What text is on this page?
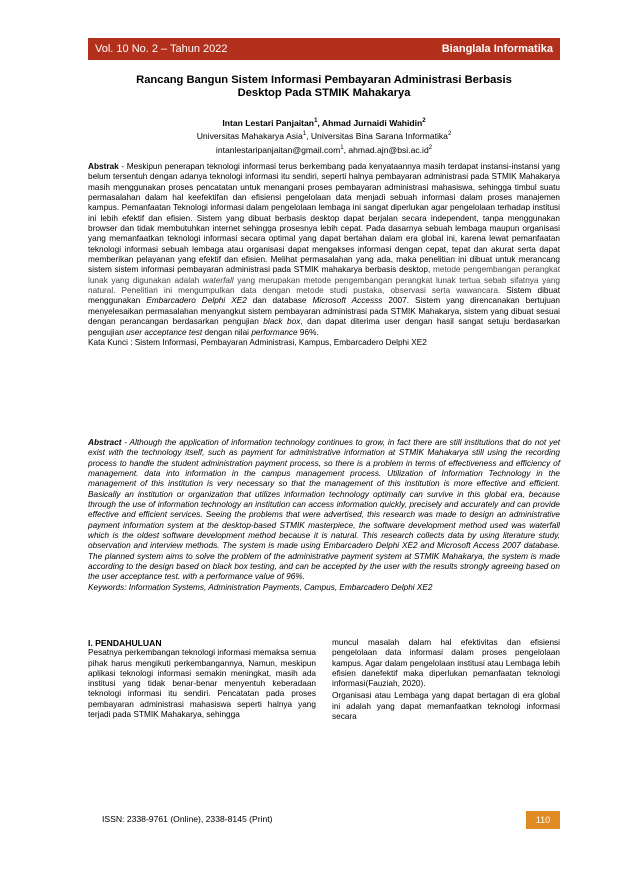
Vol. 10 No. 2 – Tahun 2022	Bianglala Informatika
Rancang Bangun Sistem Informasi Pembayaran Administrasi Berbasis
Desktop Pada STMIK Mahakarya
Intan Lestari Panjaitan$^1$, Ahmad Jurnaidi Wahidin$^2$
Universitas Mahakarya Asia$^1$, Universitas Bina Sarana Informatika$^2$
intanlestaripanjaitan@gmail.com$^1$, $ahmad.ajn@bsi.ac.id^2$

Abstrak - Meskipun penerapan teknologi informasi terus berkembang pada kenyataannya masih terdapat instansi-instansi yang belum tersentuh dengan adanya teknologi informasi itu sendiri, seperti halnya pembayaran administrasi pada STMIK Mahakarya masih menggunakan proses pencatatan untuk menangani proses pembayaran administrasi mahasiswa, sehingga timbul suatu permasalahan dalam hal keefektifan dan efisiensi pengelolaan data menjadi sebuah informasi dalam proses manajemen kampus. Pemanfaatan Teknologi informasi dalam pengelolaan lembaga ini sangat diperlukan agar pengelolaan terhadap institusi ini lebih efektif dan efisien. Sistem yang dibuat berbasis desktop dapat berjalan secara independent, tanpa menggunakan browser dan tidak membutuhkan internet sehingga prosesnya lebih cepat. Pada dasarnya sebuah lembaga maupun organisasi yang memanfaatkan teknologi informasi secara optimal yang dapat bertahan dalam era global ini, karena lewat pemanfaatan teknologi informasi sebuah lembaga atau organisasi dapat mengakses informasi dengan cepat, tepat dan akurat serta dapat memberikan pelayanan yang efektif dan efisien. Melihat permasalahan yang ada, maka penelitian ini dibuat untuk merancang sistem sistem informasi pembayaran administrasi pada STMIK mahakarya berbasis desktop, metode pengembangan perangkat lunak yang digunakan adalah waterfall yang merupakan metode pengembangan perangkat lunak tertua sebab sifatnya yang natural. Penelitian ini mengumpulkan data dengan metode studi pustaka, observasi serta wawancara. Sistem dibuat menggunakan Embarcadero Delphi XE2 dan database Microsoft Accesss 2007. Sistem yang direncanakan bertujuan menyelesaikan permasalahan menyangkut sistem pembayaran administrasi pada STMIK Mahakarya, sistem yang dibuat sesuai dengan perancangan berdasarkan pengujian black box, dan dapat diterima user dengan hasil sangat setuju berdasarkan pengujian user acceptance test dengan nilai performance 96%.

Kata Kunci : Sistem Informasi, Pembayaran Administrasi, Kampus, Embarcadero Delphi XE2

Abstract - Although the application of information technology continues to grow, in fact there are still institutions that do not yet exist with the technology itself, such as payment for administrative information at STMIK Mahakarya still using the recording process to handle the student administration payment process, so there is a problem in terms of effectiveness and efficiency of management. data into information in the campus management process. Utilization of Information Technology in the management of this institution is very necessary so that the management of this institution is more effective and efficient. Basically an institution or organization that utilizes information technology optimally can survive in this global era, because through the use of information technology an institution can access information quickly, precisely and accurately and can provide effective and efficient services. Seeing the problems that were advertised, this research was made to design an administrative payment information system at the desktop-based STMIK masterpiece, the software development method used was waterfall which is the oldest software development method because it is natural. This research collects data by using literature study, observation and interview methods. The system is made using Embarcadero Delphi XE2 and Microsoft Access 2007 database. The planned system aims to solve the problem of the administrative payment system at STMIK Mahakarya, the system is made according to the design based on black box testing, and can be accepted by the user with the results strongly agreeing based on the user acceptance test. with a performance value of 96%.

Keywords: Information Systems, Administration Payments, Campus, Embarcadero Delphi XE2

I. PENDAHULUAN

Pesatnya perkembangan teknologi informasi memaksa semua pihak harus mengikuti perkembangannya, Namun, meskipun aplikasi teknologi informasi semakin meningkat, masih ada institusi yang tidak benar-benar menyentuh keberadaan teknologi informasi itu sendiri. Pencatatan pada proses pembayaran administrasi mahasiswa seperti halnya yang terjadi pada STMIK Mahakarya, sehingga

muncul masalah dalam hal efektivitas dan efisiensi pengelolaan data informasi dalam proses pengelolaan kampus. Agar dalam pengelolaan institusi atau Lembaga lebih efisien danefektif maka diperlukan pemanfaatan teknologi informasi(Fauziah, 2020).

Organisasi atau Lembaga yang dapat bertagan di era global ini adalah yang dapat memanfaatkan teknologi informasi secara

ISSN: 2338-9761 (Online), 2338-8145 (Print)	110
